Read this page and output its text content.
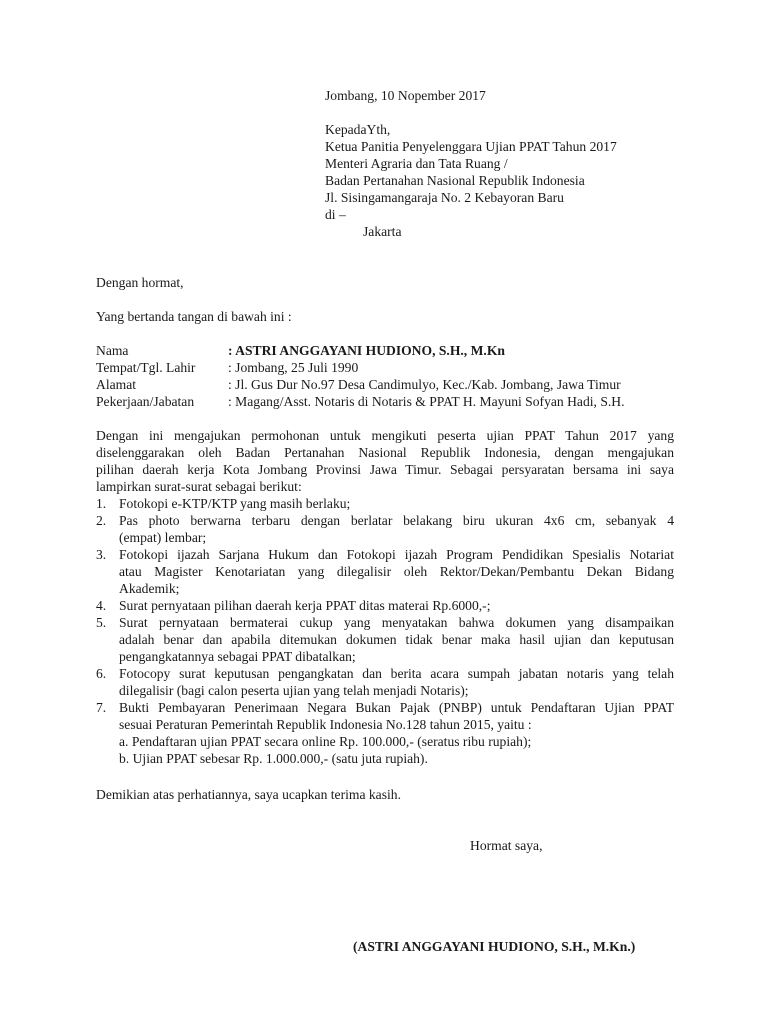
Jombang, 10 Nopember 2017
KepadaYth,
Ketua Panitia Penyelenggara Ujian PPAT Tahun 2017
Menteri Agraria dan Tata Ruang /
Badan Pertanahan Nasional Republik Indonesia
Jl. Sisingamangaraja No. 2 Kebayoran Baru
di –
Jakarta
Dengan hormat,
Yang bertanda tangan di bawah ini :
Nama	: ASTRI ANGGAYANI HUDIONO, S.H., M.Kn
Tempat/Tgl. Lahir : Jombang, 25 Juli 1990
Alamat	: Jl. Gus Dur No.97 Desa Candimulyo, Kec./Kab. Jombang, Jawa Timur
Pekerjaan/Jabatan : Magang/Asst. Notaris di Notaris & PPAT H. Mayuni Sofyan Hadi, S.H.
Dengan ini mengajukan permohonan untuk mengikuti peserta ujian PPAT Tahun 2017 yang
diselenggarakan oleh Badan Pertanahan Nasional Republik Indonesia, dengan mengajukan
pilihan daerah kerja Kota Jombang Provinsi Jawa Timur. Sebagai persyaratan bersama ini saya
lampirkan surat-surat sebagai berikut:
1. Fotokopi e-KTP/KTP yang masih berlaku;
2. Pas photo berwarna terbaru dengan berlatar belakang biru ukuran 4x6 cm, sebanyak 4
(empat) lembar;
3. Fotokopi ijazah Sarjana Hukum dan Fotokopi ijazah Program Pendidikan Spesialis Notariat
atau Magister Kenotariatan yang dilegalisir oleh Rektor/Dekan/Pembantu Dekan Bidang
Akademik;
4. Surat pernyataan pilihan daerah kerja PPAT ditas materai Rp.6000,-;
5. Surat pernyataan bermaterai cukup yang menyatakan bahwa dokumen yang disampaikan
adalah benar dan apabila ditemukan dokumen tidak benar maka hasil ujian dan keputusan
pengangkatannya sebagai PPAT dibatalkan;
6. Fotocopy surat keputusan pengangkatan dan berita acara sumpah jabatan notaris yang telah
dilegalisir (bagi calon peserta ujian yang telah menjadi Notaris);
7. Bukti Pembayaran Penerimaan Negara Bukan Pajak (PNBP) untuk Pendaftaran Ujian PPAT
sesuai Peraturan Pemerintah Republik Indonesia No.128 tahun 2015, yaitu :
a. Pendaftaran ujian PPAT secara online Rp. 100.000,- (seratus ribu rupiah);
b. Ujian PPAT sebesar Rp. 1.000.000,- (satu juta rupiah).
Demikian atas perhatiannya, saya ucapkan terima kasih.
Hormat saya,
(ASTRI ANGGAYANI HUDIONO, S.H., M.Kn.)
